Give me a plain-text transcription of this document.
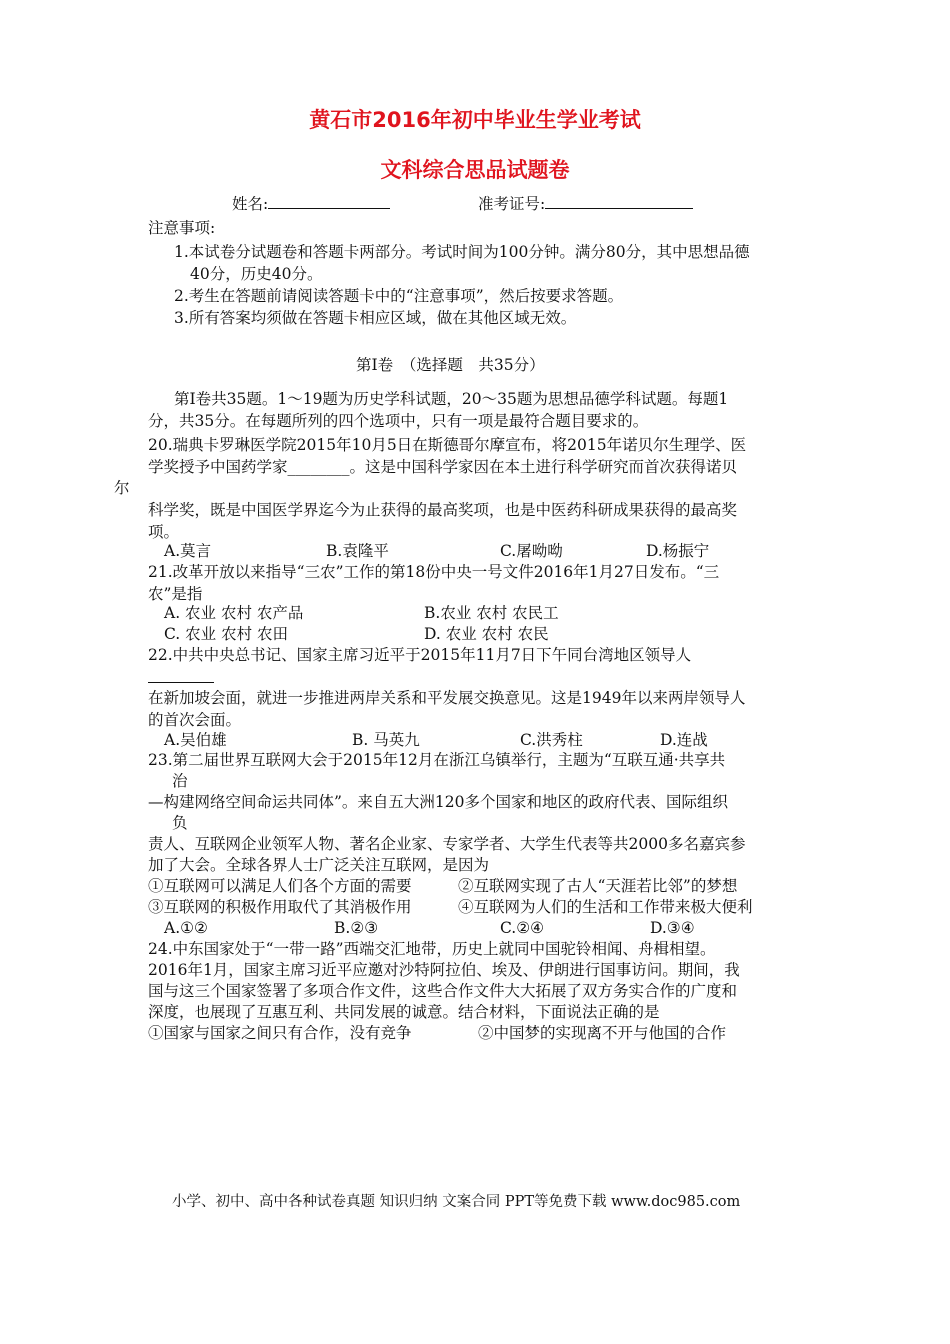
黄石市2016年初中毕业生学业考试
文科综合思品试题卷
姓名:	准考证号:
注意事项:
1.本试卷分试题卷和答题卡两部分。考试时间为100分钟。满分80分，其中思想品德
40分，历史40分。
2.考生在答题前请阅读答题卡中的“注意事项”，然后按要求答题。
3.所有答案均须做在答题卡相应区域，做在其他区域无效。
第Ⅰ卷　（选择题　共35分）
第Ⅰ卷共35题。1～19题为历史学科试题，20～35题为思想品德学科试题。每题1
分，共35分。在每题所列的四个选项中，只有一项是最符合题目要求的。
20.瑞典卡罗琳医学院2015年10月5日在斯德哥尔摩宣布，将2015年诺贝尔生理学、医
学奖授予中国药学家________。这是中国科学家因在本土进行科学研究而首次获得诺贝
尔
科学奖，既是中国医学界迄今为止获得的最高奖项，也是中医药科研成果获得的最高奖
项。
A.莫言	B.袁隆平	C.屠呦呦	D.杨振宁
21.改革开放以来指导“三农”工作的第18份中央一号文件2016年1月27日发布。“三
农”是指
A. 农业 农村 农产品	B.农业 农村 农民工
C. 农业 农村 农田	D. 农业 农村 农民
22.中共中央总书记、国家主席习近平于2015年11月7日下午同台湾地区领导人
在新加坡会面，就进一步推进两岸关系和平发展交换意见。这是1949年以来两岸领导人
的首次会面。
A.吴伯雄	B. 马英九	C.洪秀柱	D.连战
23.第二届世界互联网大会于2015年12月在浙江乌镇举行，主题为“互联互通·共享共
治
—构建网络空间命运共同体”。来自五大洲120多个国家和地区的政府代表、国际组织
负
责人、互联网企业领军人物、著名企业家、专家学者、大学生代表等共2000多名嘉宾参
加了大会。全球各界人士广泛关注互联网，是因为
①互联网可以满足人们各个方面的需要	②互联网实现了古人“天涯若比邻”的梦想
③互联网的积极作用取代了其消极作用	④互联网为人们的生活和工作带来极大便利
A.①②	B.②③	C.②④	D.③④
24.中东国家处于“一带一路”西端交汇地带，历史上就同中国驼铃相闻、舟楫相望。
2016年1月，国家主席习近平应邀对沙特阿拉伯、埃及、伊朗进行国事访问。期间，我
国与这三个国家签署了多项合作文件，这些合作文件大大拓展了双方务实合作的广度和
深度，也展现了互惠互利、共同发展的诚意。结合材料，下面说法正确的是
①国家与国家之间只有合作，没有竞争	②中国梦的实现离不开与他国的合作
小学、初中、高中各种试卷真题 知识归纳 文案合同 PPT等免费下载 www.doc985.com
